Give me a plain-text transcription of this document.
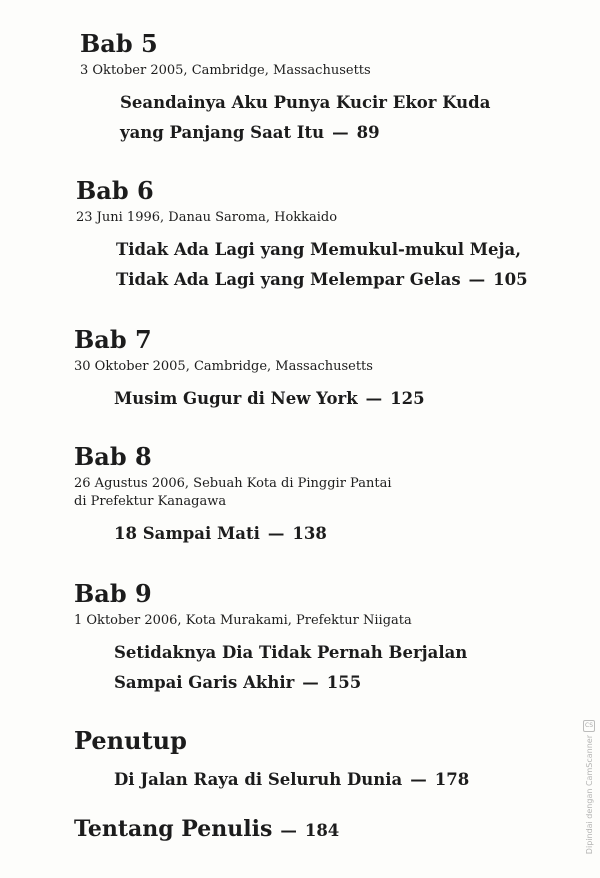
Bab 5
3 Oktober 2005, Cambridge, Massachusetts
Seandainya Aku Punya Kucir Ekor Kuda
yang Panjang Saat Itu — 89
Bab 6
23 Juni 1996, Danau Saroma, Hokkaido
Tidak Ada Lagi yang Memukul-mukul Meja,
Tidak Ada Lagi yang Melempar Gelas — 105
Bab 7
30 Oktober 2005, Cambridge, Massachusetts
Musim Gugur di New York — 125
Bab 8
26 Agustus 2006, Sebuah Kota di Pinggir Pantai
di Prefektur Kanagawa
18 Sampai Mati — 138
Bab 9
1 Oktober 2006, Kota Murakami, Prefektur Niigata
Setidaknya Dia Tidak Pernah Berjalan
Sampai Garis Akhir — 155
Penutup
Di Jalan Raya di Seluruh Dunia — 178
Tentang Penulis — 184
CS
Dipindai dengan CamScanner
